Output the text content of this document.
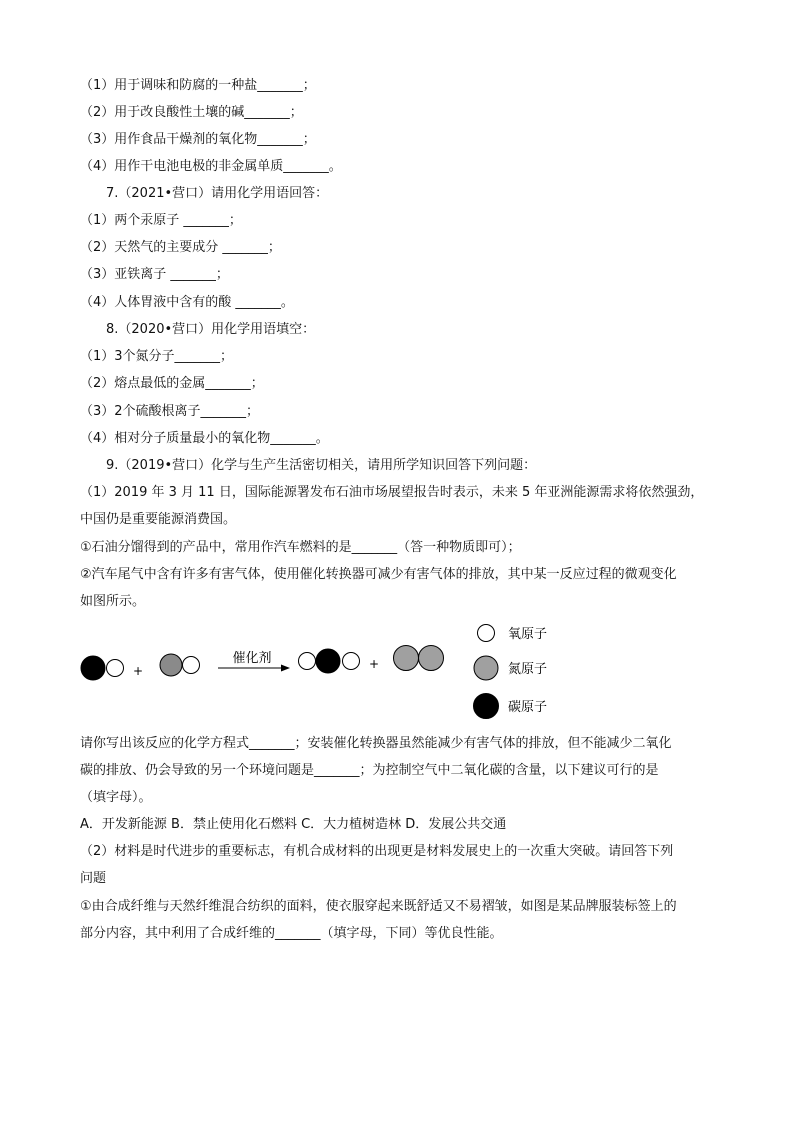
（1）用于调味和防腐的一种盐_______；
（2）用于改良酸性土壤的碱_______；
（3）用作食品干燥剂的氧化物_______；
（4）用作干电池电极的非金属单质_______。
7.（2021•营口）请用化学用语回答：
（1）两个汞原子 _______；
（2）天然气的主要成分 _______；
（3）亚铁离子 _______；
（4）人体胃液中含有的酸 _______。
8.（2020•营口）用化学用语填空：
（1）3个氮分子_______；
（2）熔点最低的金属_______；
（3）2个硫酸根离子_______；
（4）相对分子质量最小的氧化物_______。
9.（2019•营口）化学与生产生活密切相关，请用所学知识回答下列问题：
（1）2019 年 3 月 11 日，国际能源署发布石油市场展望报告时表示，未来 5 年亚洲能源需求将依然强劲，
中国仍是重要能源消费国。
①石油分馏得到的产品中，常用作汽车燃料的是_______（答一种物质即可）；
②汽车尾气中含有许多有害气体，使用催化转换器可减少有害气体的排放，其中某一反应过程的微观变化
如图所示。
+
催化剂	+
氧原子
氮原子
碳原子
请你写出该反应的化学方程式_______；安装催化转换器虽然能减少有害气体的排放，但不能减少二氧化
碳的排放、仍会导致的另一个环境问题是_______；为控制空气中二氧化碳的含量，以下建议可行的是
（填字母）。
A．开发新能源 B．禁止使用化石燃料 C．大力植树造林 D．发展公共交通
（2）材料是时代进步的重要标志，有机合成材料的出现更是材料发展史上的一次重大突破。请回答下列
问题
①由合成纤维与天然纤维混合纺织的面料，使衣服穿起来既舒适又不易褶皱，如图是某品牌服装标签上的
部分内容，其中利用了合成纤维的_______（填字母，下同）等优良性能。
